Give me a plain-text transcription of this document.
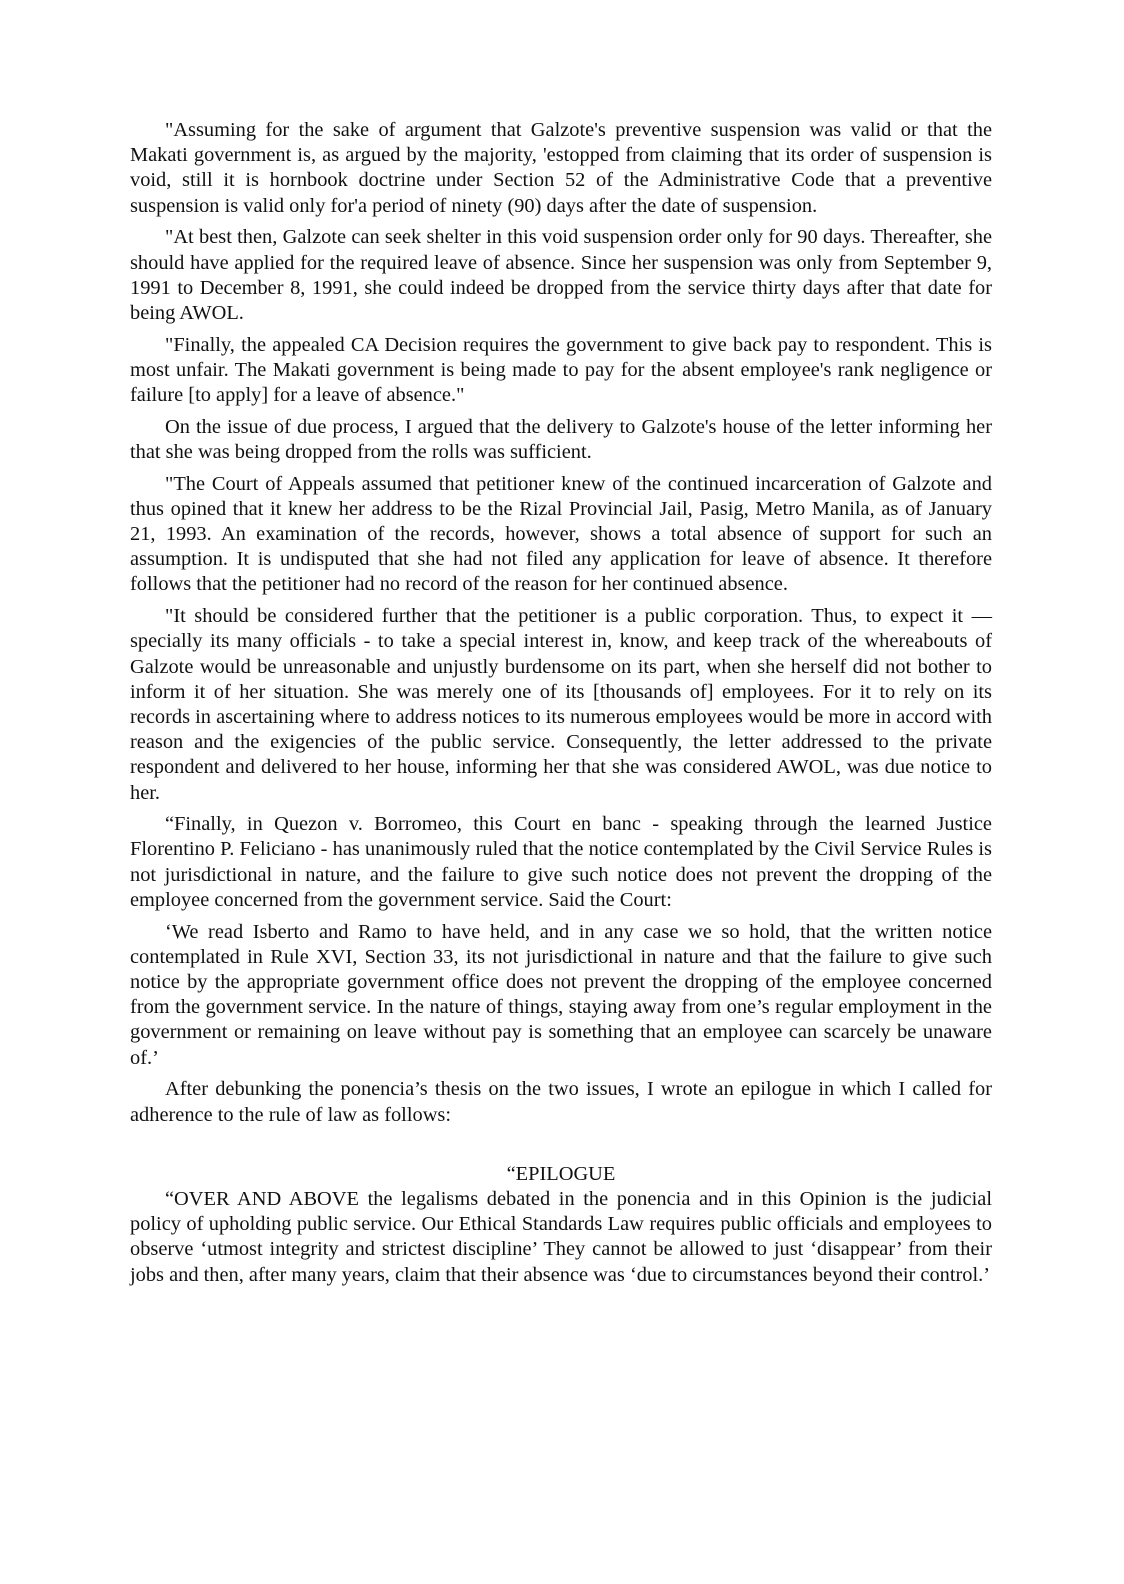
"Assuming for the sake of argument that Galzote's preventive suspension was valid or that the Makati government is, as argued by the majority, 'estopped from claiming that its order of suspension is void, still it is hornbook doctrine under Section 52 of the Administrative Code that a preventive suspension is valid only for'a period of ninety (90) days after the date of suspension.

"At best then, Galzote can seek shelter in this void suspension order only for 90 days. Thereafter, she should have applied for the required leave of absence. Since her suspension was only from September 9, 1991 to December 8, 1991, she could indeed be dropped from the service thirty days after that date for being AWOL.

"Finally, the appealed CA Decision requires the government to give back pay to respondent. This is most unfair. The Makati government is being made to pay for the absent employee's rank negligence or failure [to apply] for a leave of absence."

On the issue of due process, I argued that the delivery to Galzote's house of the letter informing her that she was being dropped from the rolls was sufficient.

"The Court of Appeals assumed that petitioner knew of the continued incarceration of Galzote and thus opined that it knew her address to be the Rizal Provincial Jail, Pasig, Metro Manila, as of January 21, 1993. An examination of the records, however, shows a total absence of support for such an assumption. It is undisputed that she had not filed any application for leave of absence. It therefore follows that the petitioner had no record of the reason for her continued absence.

"It should be considered further that the petitioner is a public corporation. Thus, to expect it — specially its many officials - to take a special interest in, know, and keep track of the whereabouts of Galzote would be unreasonable and unjustly burdensome on its part, when she herself did not bother to inform it of her situation. She was merely one of its [thousands of] employees. For it to rely on its records in ascertaining where to address notices to its numerous employees would be more in accord with reason and the exigencies of the public service. Consequently, the letter addressed to the private respondent and delivered to her house, informing her that she was considered AWOL, was due notice to her.

“Finally, in Quezon v. Borromeo, this Court en banc - speaking through the learned Justice Florentino P. Feliciano - has unanimously ruled that the notice contemplated by the Civil Service Rules is not jurisdictional in nature, and the failure to give such notice does not prevent the dropping of the employee concerned from the government service. Said the Court:

‘We read Isberto and Ramo to have held, and in any case we so hold, that the written notice contemplated in Rule XVI, Section 33, its not jurisdictional in nature and that the failure to give such notice by the appropriate government office does not prevent the dropping of the employee concerned from the government service. In the nature of things, staying away from one’s regular employment in the government or remaining on leave without pay is something that an employee can scarcely be unaware of.’

After debunking the ponencia’s thesis on the two issues, I wrote an epilogue in which I called for adherence to the rule of law as follows:

“EPILOGUE

“OVER AND ABOVE the legalisms debated in the ponencia and in this Opinion is the judicial policy of upholding public service. Our Ethical Standards Law requires public officials and employees to observe ‘utmost integrity and strictest discipline’ They cannot be allowed to just ‘disappear’ from their jobs and then, after many years, claim that their absence was ‘due to circumstances beyond their control.’
